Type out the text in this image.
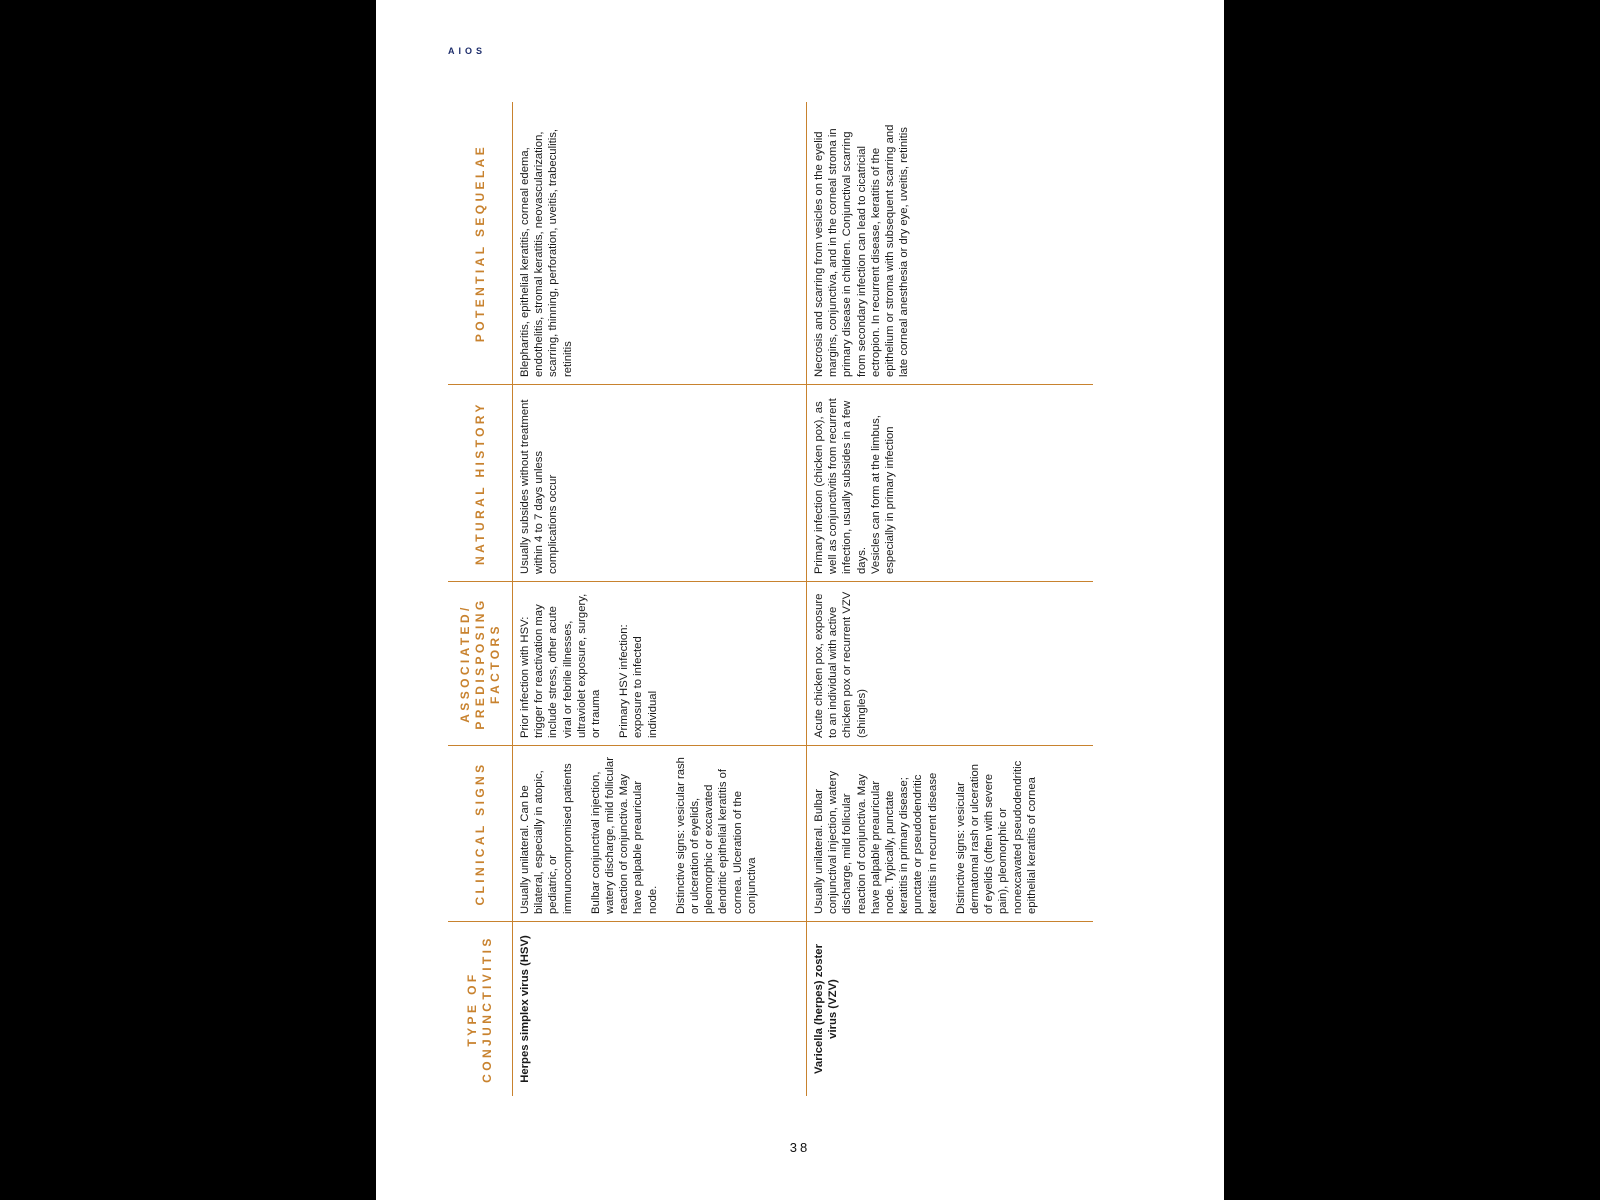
AIOS
TYPE OF CONJUNCTIVITIS
CLINICAL SIGNS
ASSOCIATED/ PREDISPOSING FACTORS
NATURAL HISTORY
POTENTIAL SEQUELAE
Herpes simplex virus (HSV)

Usually unilateral. Can be bilateral, especially in atopic, pediatric, or immunocompromised patients Bulbar conjunctival injection, watery discharge, mild follicular reaction of conjunctiva. May have palpable preauricular node. Distinctive signs: vesicular rash or ulceration of eyelids, pleomorphic or excavated dendritic epithelial keratitis of cornea. Ulceration of the conjunctiva

Prior infection with HSV: trigger for reactivation may include stress, other acute viral or febrile illnesses, ultraviolet exposure, surgery, or trauma Primary HSV infection: exposure to infected individual

Usually subsides without treatment within 4 to 7 days unless complications occur

Blepharitis, epithelial keratitis, corneal edema, endothelitis, stromal keratitis, neovascularization, scarring, thinning, perforation, uveitis, trabeculitis, retinitis

Varicella (herpes) zoster virus (VZV)

Usually unilateral. Bulbar conjunctival injection, watery discharge, mild follicular reaction of conjunctiva. May have palpable preauricular node. Typically, punctate keratitis in primary disease; punctate or pseudodendritic keratitis in recurrent disease Distinctive signs: vesicular dermatomal rash or ulceration of eyelids (often with severe pain), pleomorphic or nonexcavated pseudodendritic epithelial keratitis of cornea

Acute chicken pox, exposure to an individual with active chicken pox or recurrent VZV (shingles)

Primary infection (chicken pox), as well as conjunctivitis from recurrent infection, usually subsides in a few days.
Vesicles can form at the limbus, especially in primary infection

Necrosis and scarring from vesicles on the eyelid margins, conjunctiva, and in the corneal stroma in primary disease in children. Conjunctival scarring from secondary infection can lead to cicatricial ectropion. In recurrent disease, keratitis of the epithelium or stroma with subsequent scarring and late corneal anesthesia or dry eye, uveitis, retinitis

38
